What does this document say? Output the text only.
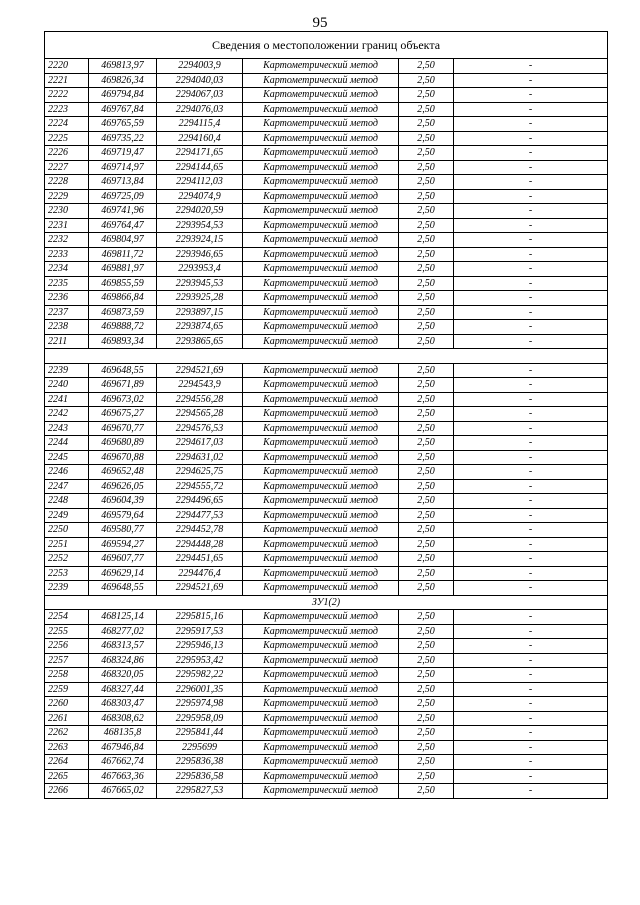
95
Сведения о местоположении границ объекта					
2220	469813,97	2294003,9	Картометрический метод	2,50	-
2221	469826,34	2294040,03	Картометрический метод	2,50	-
2222	469794,84	2294067,03	Картометрический метод	2,50	-
2223	469767,84	2294076,03	Картометрический метод	2,50	-
2224	469765,59	2294115,4	Картометрический метод	2,50	-
2225	469735,22	2294160,4	Картометрический метод	2,50	-
2226	469719,47	2294171,65	Картометрический метод	2,50	-
2227	469714,97	2294144,65	Картометрический метод	2,50	-
2228	469713,84	2294112,03	Картометрический метод	2,50	-
2229	469725,09	2294074,9	Картометрический метод	2,50	-
2230	469741,96	2294020,59	Картометрический метод	2,50	-
2231	469764,47	2293954,53	Картометрический метод	2,50	-
2232	469804,97	2293924,15	Картометрический метод	2,50	-
2233	469811,72	2293946,65	Картометрический метод	2,50	-
2234	469881,97	2293953,4	Картометрический метод	2,50	-
2235	469855,59	2293945,53	Картометрический метод	2,50	-
2236	469866,84	2293925,28	Картометрический метод	2,50	-
2237	469873,59	2293897,15	Картометрический метод	2,50	-
2238	469888,72	2293874,65	Картометрический метод	2,50	-
2211	469893,34	2293865,65	Картометрический метод	2,50	-

2239	469648,55	2294521,69	Картометрический метод	2,50	-
2240	469671,89	2294543,9	Картометрический метод	2,50	-
2241	469673,02	2294556,28	Картометрический метод	2,50	-
2242	469675,27	2294565,28	Картометрический метод	2,50	-
2243	469670,77	2294576,53	Картометрический метод	2,50	-
2244	469680,89	2294617,03	Картометрический метод	2,50	-
2245	469670,88	2294631,02	Картометрический метод	2,50	-
2246	469652,48	2294625,75	Картометрический метод	2,50	-
2247	469626,05	2294555,72	Картометрический метод	2,50	-
2248	469604,39	2294496,65	Картометрический метод	2,50	-
2249	469579,64	2294477,53	Картометрический метод	2,50	-
2250	469580,77	2294452,78	Картометрический метод	2,50	-
2251	469594,27	2294448,28	Картометрический метод	2,50	-
2252	469607,77	2294451,65	Картометрический метод	2,50	-
2253	469629,14	2294476,4	Картометрический метод	2,50	-
2239	469648,55	2294521,69	Картометрический метод	2,50	-
ЗУ1(2)					
2254	468125,14	2295815,16	Картометрический метод	2,50	-
2255	468277,02	2295917,53	Картометрический метод	2,50	-
2256	468313,57	2295946,13	Картометрический метод	2,50	-
2257	468324,86	2295953,42	Картометрический метод	2,50	-
2258	468320,05	2295982,22	Картометрический метод	2,50	-
2259	468327,44	2296001,35	Картометрический метод	2,50	-
2260	468303,47	2295974,98	Картометрический метод	2,50	-
2261	468308,62	2295958,09	Картометрический метод	2,50	-
2262	468135,8	2295841,44	Картометрический метод	2,50	-
2263	467946,84	2295699	Картометрический метод	2,50	-
2264	467662,74	2295836,38	Картометрический метод	2,50	-
2265	467663,36	2295836,58	Картометрический метод	2,50	-
2266	467665,02	2295827,53	Картометрический метод	2,50	-
